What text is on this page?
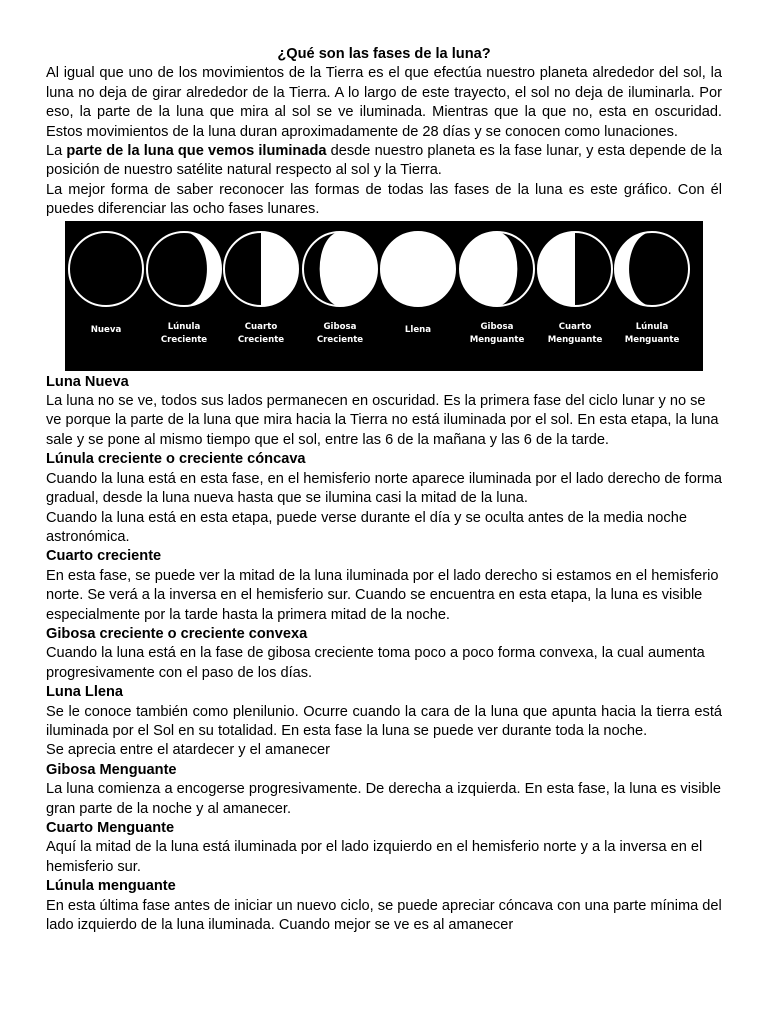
¿Qué son las fases de la luna?

Al igual que uno de los movimientos de la Tierra es el que efectúa nuestro planeta alrededor del sol, la luna no deja de girar alrededor de la Tierra. A lo largo de este trayecto, el sol no deja de iluminarla. Por eso, la parte de la luna que mira al sol se ve iluminada. Mientras que la que no, esta en oscuridad. Estos movimientos de la luna duran aproximadamente de 28 días y se conocen como lunaciones.

La parte de la luna que vemos iluminada desde nuestro planeta es la fase lunar, y esta depende de la posición de nuestro satélite natural respecto al sol y la Tierra.

La mejor forma de saber reconocer las formas de todas las fases de la luna es este gráfico. Con él puedes diferenciar las ocho fases lunares.

Nueva	Lúnula
Creciente
Cuarto
Creciente
Gibosa
Creciente
Llena	Gibosa
Menguante
Cuarto
Menguante
Lúnula
Menguante
Luna Nueva

La luna no se ve, todos sus lados permanecen en oscuridad. Es la primera fase del ciclo lunar y no se ve porque la parte de la luna que mira hacia la Tierra no está iluminada por el sol. En esta etapa, la luna sale y se pone al mismo tiempo que el sol, entre las 6 de la mañana y las 6 de la tarde.

Lúnula creciente o creciente cóncava

Cuando la luna está en esta fase, en el hemisferio norte aparece iluminada por el lado derecho de forma gradual, desde la luna nueva hasta que se ilumina casi la mitad de la luna.

Cuando la luna está en esta etapa, puede verse durante el día y se oculta antes de la media noche astronómica.

Cuarto creciente

En esta fase, se puede ver la mitad de la luna iluminada por el lado derecho si estamos en el hemisferio norte. Se verá a la inversa en el hemisferio sur. Cuando se encuentra en esta etapa, la luna es visible especialmente por la tarde hasta la primera mitad de la noche.

Gibosa creciente o creciente convexa

Cuando la luna está en la fase de gibosa creciente toma poco a poco forma convexa, la cual aumenta progresivamente con el paso de los días.

Luna Llena

Se le conoce también como plenilunio. Ocurre cuando la cara de la luna que apunta hacia la tierra está iluminada por el Sol en su totalidad. En esta fase la luna se puede ver durante toda la noche.

Se aprecia entre el atardecer y el amanecer

Gibosa Menguante

La luna comienza a encogerse progresivamente. De derecha a izquierda. En esta fase, la luna es visible gran parte de la noche y al amanecer.

Cuarto Menguante

Aquí la mitad de la luna está iluminada por el lado izquierdo en el hemisferio norte y a la inversa en el hemisferio sur.

Lúnula menguante

En esta última fase antes de iniciar un nuevo ciclo, se puede apreciar cóncava con una parte mínima del lado izquierdo de la luna iluminada. Cuando mejor se ve es al amanecer
